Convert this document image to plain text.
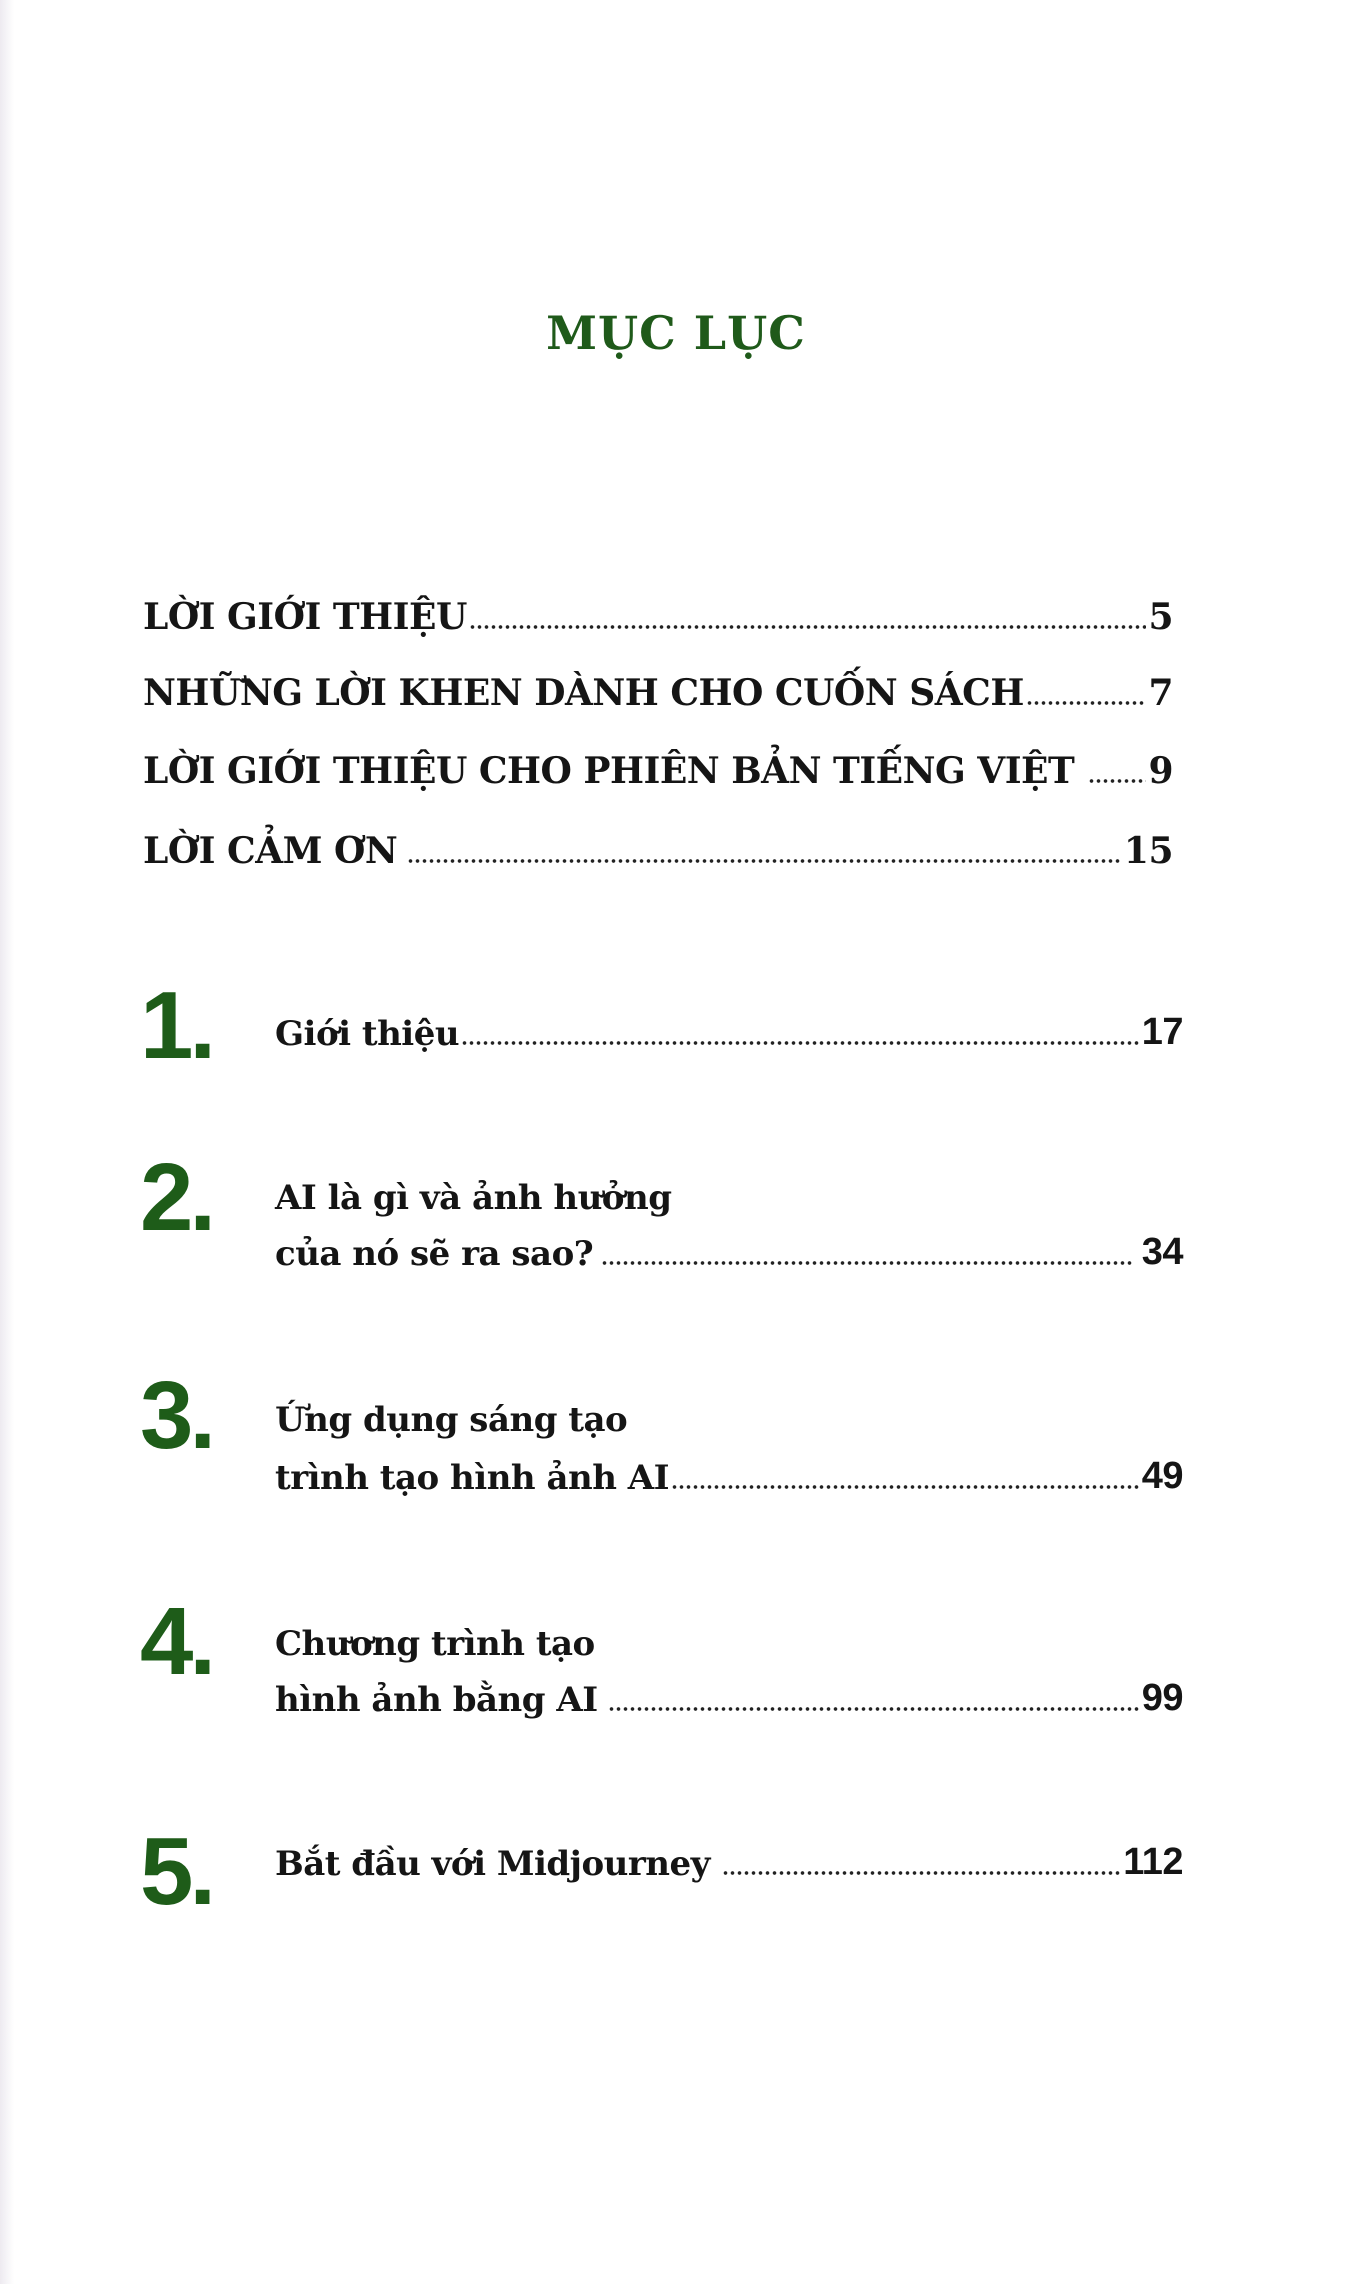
MỤC LỤC
LỜI GIỚI THIỆU	5
NHỮNG LỜI KHEN DÀNH CHO CUỐN SÁCH	7
LỜI GIỚI THIỆU CHO PHIÊN BẢN TIẾNG VIỆT 9
LỜI CẢM ƠN	15
1. Giới thiệu	17
2. AI là gì và ảnh hưởng
của nó sẽ ra sao?	34
3. Ứng dụng sáng tạo
trình tạo hình ảnh AI	49
4. Chương trình tạo
hình ảnh bằng AI	99
5. Bắt đầu với Midjourney	112
